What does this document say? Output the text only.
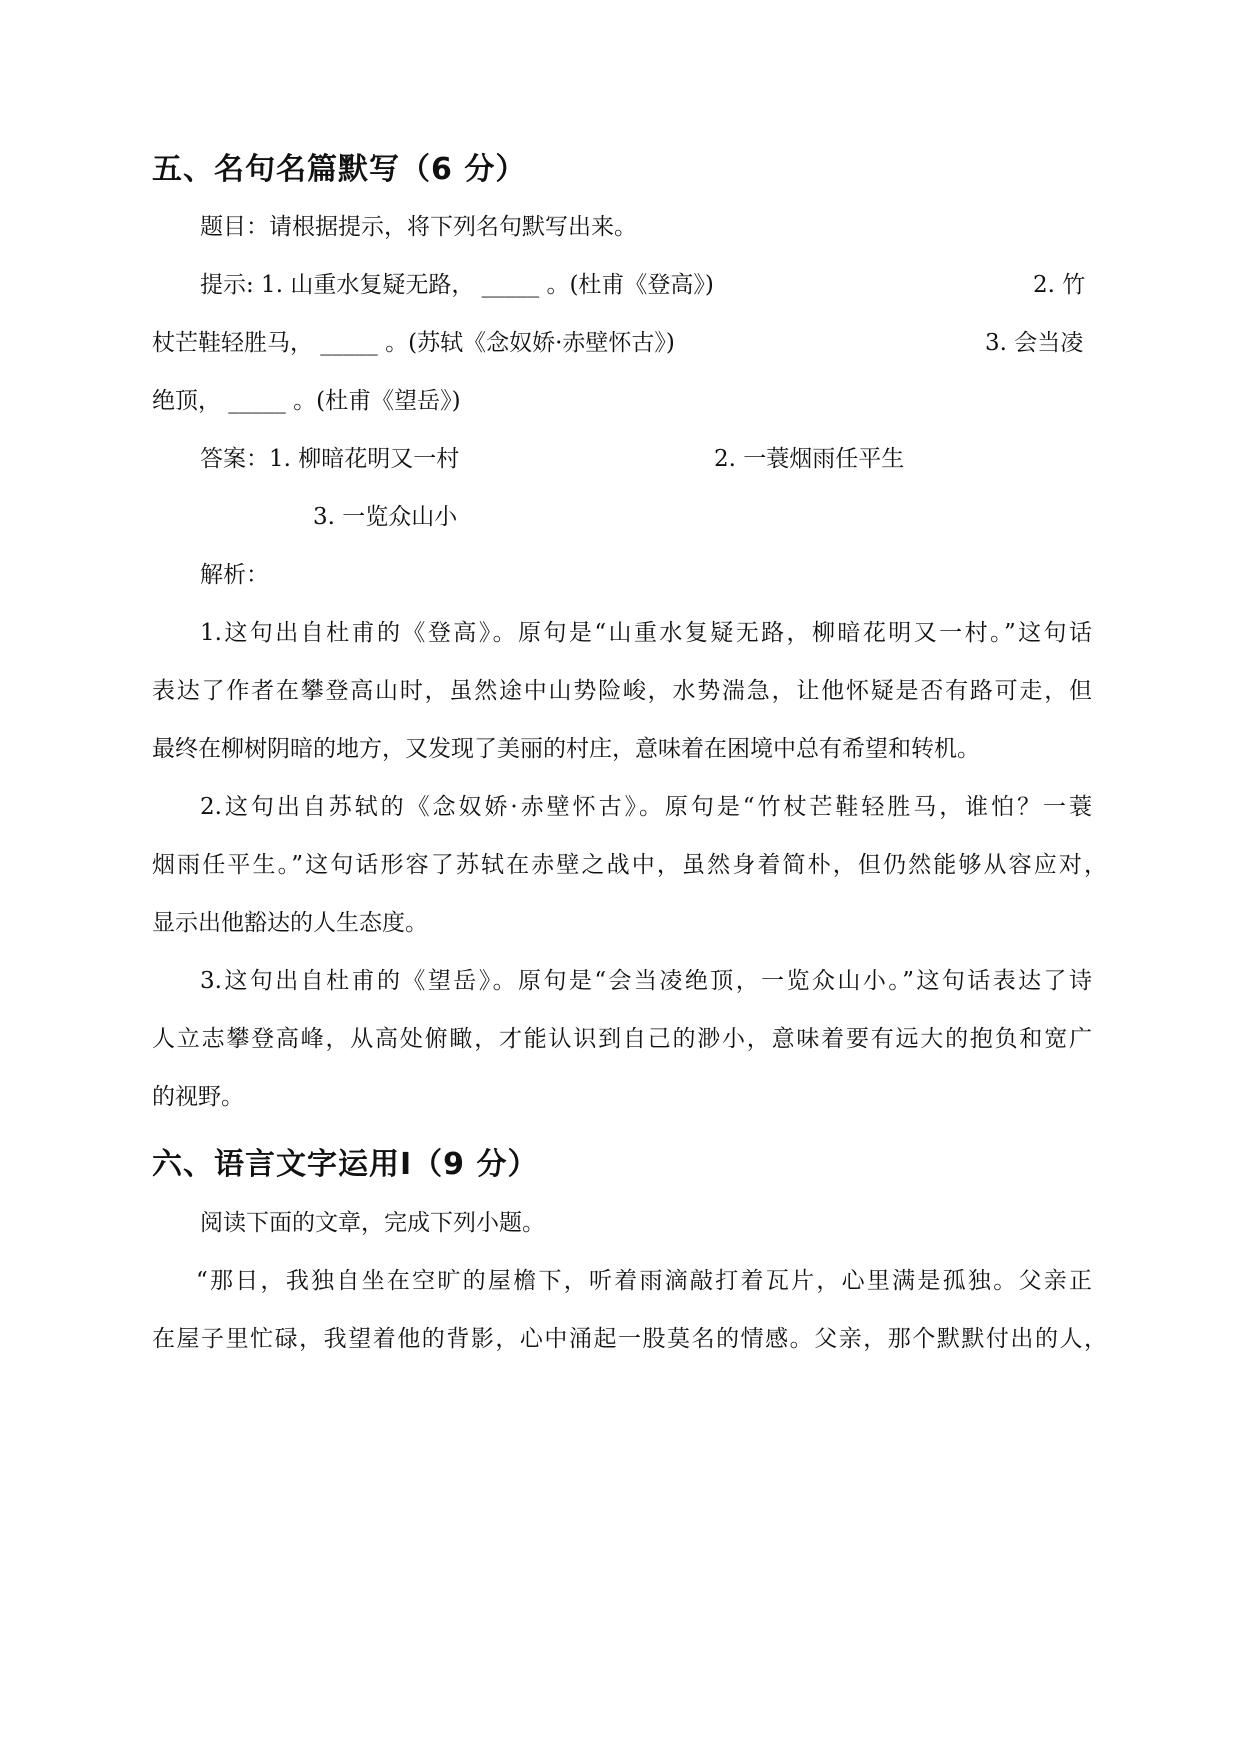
五、名句名篇默写（6 分）
题目：请根据提示，将下列名句默写出来。
提示: 1. 山重水复疑无路， _____ 。(杜甫《登高》)	2. 竹
杖芒鞋轻胜马， _____ 。(苏轼《念奴娇·赤壁怀古》)	3. 会当凌
绝顶， _____ 。(杜甫《望岳》)
答案：1. 柳暗花明又一村	2. 一蓑烟雨任平生
3. 一览众山小
解析：
1.这句出自杜甫的《登高》。原句是“山重水复疑无路，柳暗花明又一村。”这句话
表达了作者在攀登高山时，虽然途中山势险峻，水势湍急，让他怀疑是否有路可走，但
最终在柳树阴暗的地方，又发现了美丽的村庄，意味着在困境中总有希望和转机。
2.这句出自苏轼的《念奴娇·赤壁怀古》。原句是“竹杖芒鞋轻胜马，谁怕？一蓑
烟雨任平生。”这句话形容了苏轼在赤壁之战中，虽然身着简朴，但仍然能够从容应对，
显示出他豁达的人生态度。
3.这句出自杜甫的《望岳》。原句是“会当凌绝顶，一览众山小。”这句话表达了诗
人立志攀登高峰，从高处俯瞰，才能认识到自己的渺小，意味着要有远大的抱负和宽广
的视野。
六、语言文字运用Ⅰ（9 分）
阅读下面的文章，完成下列小题。
“那日，我独自坐在空旷的屋檐下，听着雨滴敲打着瓦片，心里满是孤独。父亲正
在屋子里忙碌，我望着他的背影，心中涌起一股莫名的情感。父亲，那个默默付出的人，
